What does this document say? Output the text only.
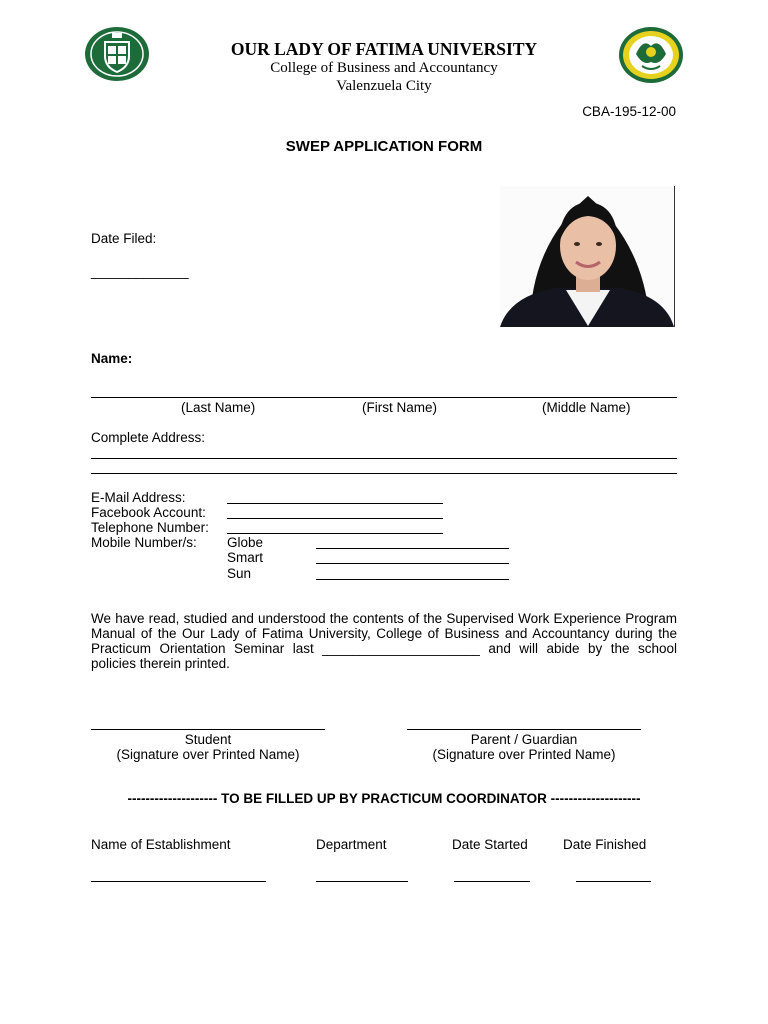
OUR LADY OF FATIMA UNIVERSITY
College of Business and Accountancy
Valenzuela City
CBA-195-12-00
SWEP APPLICATION FORM
Date Filed:
_____________
Name:
(Last Name)	(First Name)	(Middle Name)
Complete Address:
E-Mail Address:
Facebook Account:
Telephone Number:
Mobile Number/s: Globe
Smart
Sun
We have read, studied and understood the contents of the Supervised Work Experience Program Manual of the Our Lady of Fatima University, College of Business and Accountancy during the Practicum Orientation Seminar last _____________________ and will abide by the school policies therein printed.
Student
(Signature over Printed Name)
Parent / Guardian
(Signature over Printed Name)
-------------------- TO BE FILLED UP BY PRACTICUM COORDINATOR --------------------
Name of Establishment	Department	Date Started	Date Finished
